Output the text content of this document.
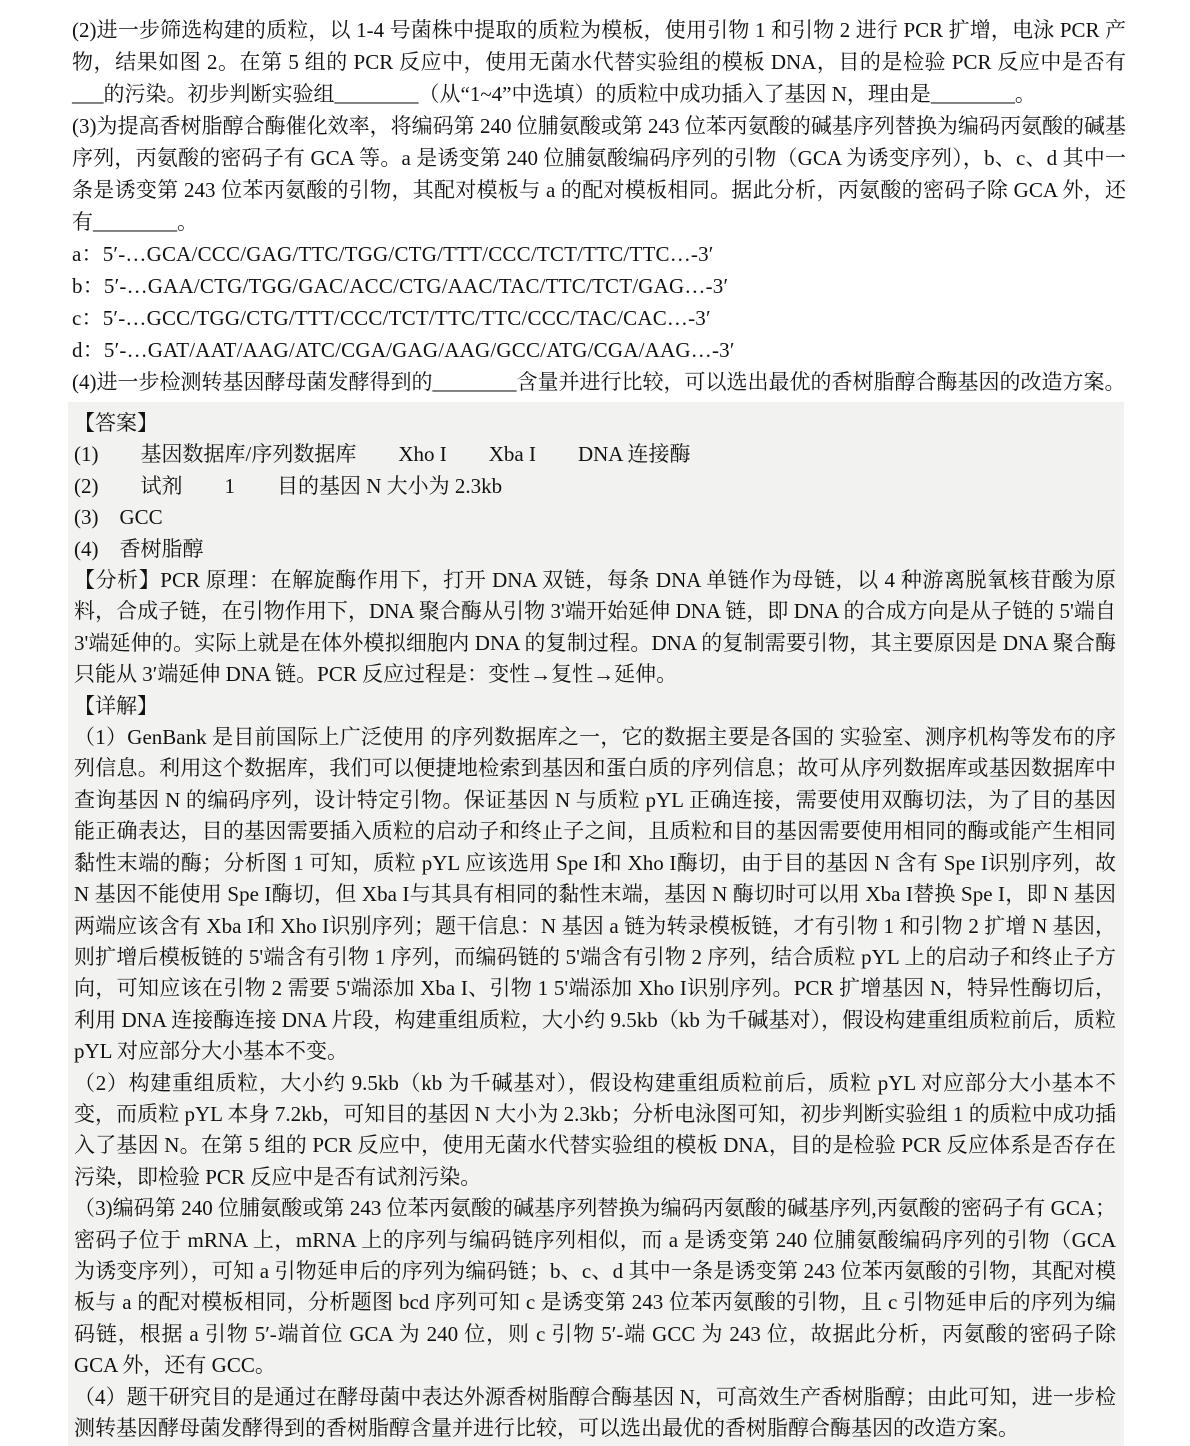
(2)进一步筛选构建的质粒，以 1-4 号菌株中提取的质粒为模板，使用引物 1 和引物 2 进行 PCR 扩增，电泳 PCR 产物，结果如图 2。在第 5 组的 PCR 反应中，使用无菌水代替实验组的模板 DNA，目的是检验 PCR 反应中是否有___的污染。初步判断实验组________（从“1~4”中选填）的质粒中成功插入了基因 N，理由是________。

(3)为提高香树脂醇合酶催化效率，将编码第 240 位脯氨酸或第 243 位苯丙氨酸的碱基序列替换为编码丙氨酸的碱基序列，丙氨酸的密码子有 GCA 等。a 是诱变第 240 位脯氨酸编码序列的引物（GCA 为诱变序列），b、c、d 其中一条是诱变第 243 位苯丙氨酸的引物，其配对模板与 a 的配对模板相同。据此分析，丙氨酸的密码子除 GCA 外，还有________。

a：5′-…GCA/CCC/GAG/TTC/TGG/CTG/TTT/CCC/TCT/TTC/TTC…-3′

b：5′-…GAA/CTG/TGG/GAC/ACC/CTG/AAC/TAC/TTC/TCT/GAG…-3′

c：5′-…GCC/TGG/CTG/TTT/CCC/TCT/TTC/TTC/CCC/TAC/CAC…-3′

d：5′-…GAT/AAT/AAG/ATC/CGA/GAG/AAG/GCC/ATG/CGA/AAG…-3′

(4)进一步检测转基因酵母菌发酵得到的________含量并进行比较，可以选出最优的香树脂醇合酶基因的改造方案。

【答案】

(1)　　基因数据库/序列数据库　　Xho I　　Xba I　　DNA 连接酶

(2)　　试剂　　1　　目的基因 N 大小为 2.3kb

(3)　GCC

(4)　香树脂醇

【分析】PCR 原理：在解旋酶作用下，打开 DNA 双链，每条 DNA 单链作为母链，以 4 种游离脱氧核苷酸为原料，合成子链，在引物作用下，DNA 聚合酶从引物 3'端开始延伸 DNA 链，即 DNA 的合成方向是从子链的 5'端自 3'端延伸的。实际上就是在体外模拟细胞内 DNA 的复制过程。DNA 的复制需要引物，其主要原因是 DNA 聚合酶只能从 3′端延伸 DNA 链。PCR 反应过程是：变性→复性→延伸。

【详解】

（1）GenBank 是目前国际上广泛使用 的序列数据库之一，它的数据主要是各国的 实验室、测序机构等发布的序列信息。利用这个数据库，我们可以便捷地检索到基因和蛋白质的序列信息；故可从序列数据库或基因数据库中查询基因 N 的编码序列，设计特定引物。保证基因 N 与质粒 pYL 正确连接，需要使用双酶切法，为了目的基因能正确表达，目的基因需要插入质粒的启动子和终止子之间，且质粒和目的基因需要使用相同的酶或能产生相同黏性末端的酶；分析图 1 可知，质粒 pYL 应该选用 Spe I和 Xho I酶切，由于目的基因 N 含有 Spe I识别序列，故 N 基因不能使用 Spe I酶切，但 Xba I与其具有相同的黏性末端，基因 N 酶切时可以用 Xba I替换 Spe I，即 N 基因两端应该含有 Xba I和 Xho I识别序列；题干信息：N 基因 a 链为转录模板链，才有引物 1 和引物 2 扩增 N 基因，则扩增后模板链的 5'端含有引物 1 序列，而编码链的 5'端含有引物 2 序列，结合质粒 pYL 上的启动子和终止子方向，可知应该在引物 2 需要 5'端添加 Xba I、引物 1 5'端添加 Xho I识别序列。PCR 扩增基因 N，特异性酶切后，利用 DNA 连接酶连接 DNA 片段，构建重组质粒，大小约 9.5kb（kb 为千碱基对），假设构建重组质粒前后，质粒 pYL 对应部分大小基本不变。

（2）构建重组质粒，大小约 9.5kb（kb 为千碱基对），假设构建重组质粒前后，质粒 pYL 对应部分大小基本不变，而质粒 pYL 本身 7.2kb，可知目的基因 N 大小为 2.3kb；分析电泳图可知，初步判断实验组 1 的质粒中成功插入了基因 N。在第 5 组的 PCR 反应中，使用无菌水代替实验组的模板 DNA，目的是检验 PCR 反应体系是否存在污染，即检验 PCR 反应中是否有试剂污染。

（3)编码第 240 位脯氨酸或第 243 位苯丙氨酸的碱基序列替换为编码丙氨酸的碱基序列,丙氨酸的密码子有 GCA；密码子位于 mRNA 上，mRNA 上的序列与编码链序列相似，而 a 是诱变第 240 位脯氨酸编码序列的引物（GCA 为诱变序列），可知 a 引物延申后的序列为编码链；b、c、d 其中一条是诱变第 243 位苯丙氨酸的引物，其配对模板与 a 的配对模板相同，分析题图 bcd 序列可知 c 是诱变第 243 位苯丙氨酸的引物，且 c 引物延申后的序列为编码链，根据 a 引物 5′-端首位 GCA 为 240 位，则 c 引物 5′-端 GCC 为 243 位，故据此分析，丙氨酸的密码子除 GCA 外，还有 GCC。

（4）题干研究目的是通过在酵母菌中表达外源香树脂醇合酶基因 N，可高效生产香树脂醇；由此可知，进一步检测转基因酵母菌发酵得到的香树脂醇含量并进行比较，可以选出最优的香树脂醇合酶基因的改造方案。
